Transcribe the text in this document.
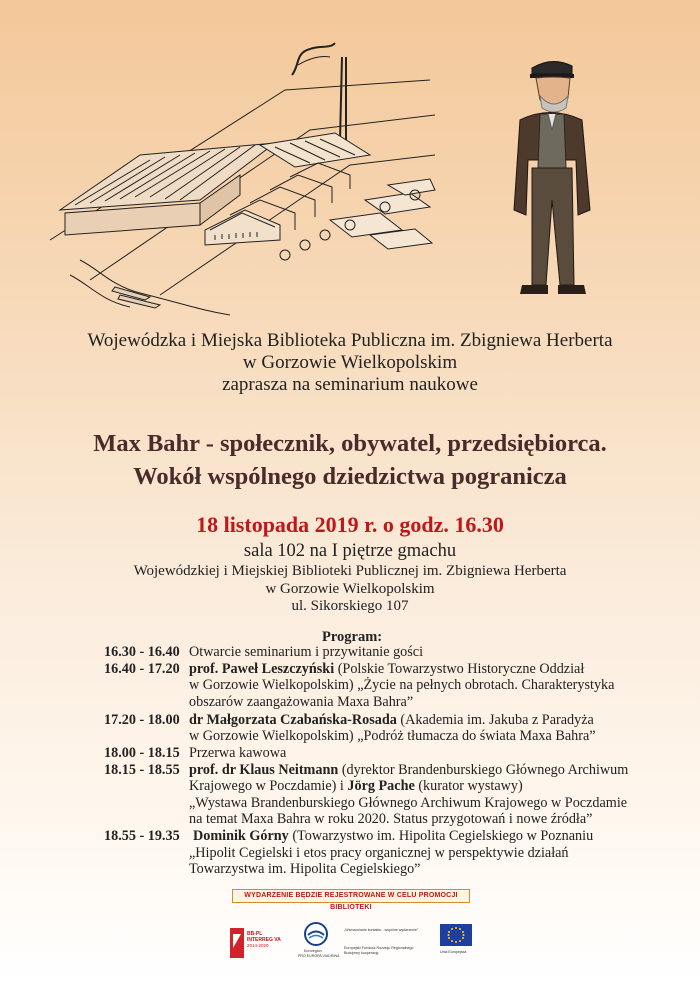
Wojewódzka i Miejska Biblioteka Publiczna im. Zbigniewa Herberta
w Gorzowie Wielkopolskim
zaprasza na seminarium naukowe
Max Bahr - społecznik, obywatel, przedsiębiorca.
Wokół wspólnego dziedzictwa pogranicza
18 listopada 2019 r. o godz. 16.30
sala 102 na I piętrze gmachu
Wojewódzkiej i Miejskiej Biblioteki Publicznej im. Zbigniewa Herberta
w Gorzowie Wielkopolskim
ul. Sikorskiego 107
Program:
16.30 - 16.40 Otwarcie seminarium i przywitanie gości
16.40 - 17.20 prof. Paweł Leszczyński (Polskie Towarzystwo Historyczne Oddział
w Gorzowie Wielkopolskim) „Życie na pełnych obrotach. Charakterystyka
obszarów zaangażowania Maxa Bahra”
17.20 - 18.00 dr Małgorzata Czabańska-Rosada (Akademia im. Jakuba z Paradyża
w Gorzowie Wielkopolskim) „Podróż tłumacza do świata Maxa Bahra”
18.00 - 18.15 Przerwa kawowa
18.15 - 18.55 prof. dr Klaus Neitmann (dyrektor Brandenburskiego Głównego Archiwum
Krajowego w Poczdamie) i Jörg Pache (kurator wystawy)
„Wystawa Brandenburskiego Głównego Archiwum Krajowego w Poczdamie
na temat Maxa Bahra w roku 2020. Status przygotowań i nowe źródła”
18.55 - 19.35 Dominik Górny (Towarzystwo im. Hipolita Cegielskiego w Poznaniu
„Hipolit Cegielski i etos pracy organicznej w perspektywie działań
Towarzystwa im. Hipolita Cegielskiego”
WYDARZENIE BĘDZIE REJESTROWANE W CELU PROMOCJI BIBLIOTEKI
BB-PL
INTERREG VA
2014-2020
Euroregion
PRO EUROPA VIADRINA
„Wzmacnianie kontaktu - wspólne wydarzenie”
Europejski Fundusz Rozwoju Regionalnego
Budujemy kooperację	Unia Europejska
